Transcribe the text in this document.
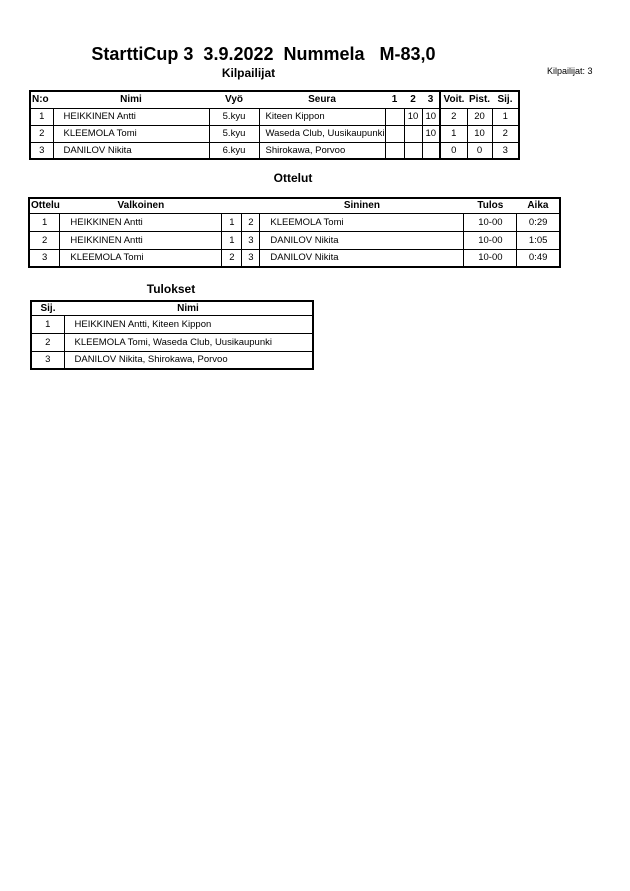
StarttiCup 3  3.9.2022  Nummela   M-83,0
Kilpailijat: 3
Kilpailijat
N:o	Nimi	Vyö	Seura	1	2	3	Voit.	Pist.	Sij.
1	HEIKKINEN Antti	5.kyu	Kiteen Kippon		10	10	2	20	1
2	KLEEMOLA Tomi	5.kyu	Waseda Club, Uusikaupunki			10	1	10	2
3	DANILOV Nikita	6.kyu	Shirokawa, Porvoo				0	0	3
Ottelut
Ottelu	Valkoinen			Sininen	Tulos	Aika
1	HEIKKINEN Antti	1	2	KLEEMOLA Tomi	10-00	0:29
2	HEIKKINEN Antti	1	3	DANILOV Nikita	10-00	1:05
3	KLEEMOLA Tomi	2	3	DANILOV Nikita	10-00	0:49
Tulokset
Sij.	Nimi
1	HEIKKINEN Antti, Kiteen Kippon
2	KLEEMOLA Tomi, Waseda Club, Uusikaupunki
3	DANILOV Nikita, Shirokawa, Porvoo
